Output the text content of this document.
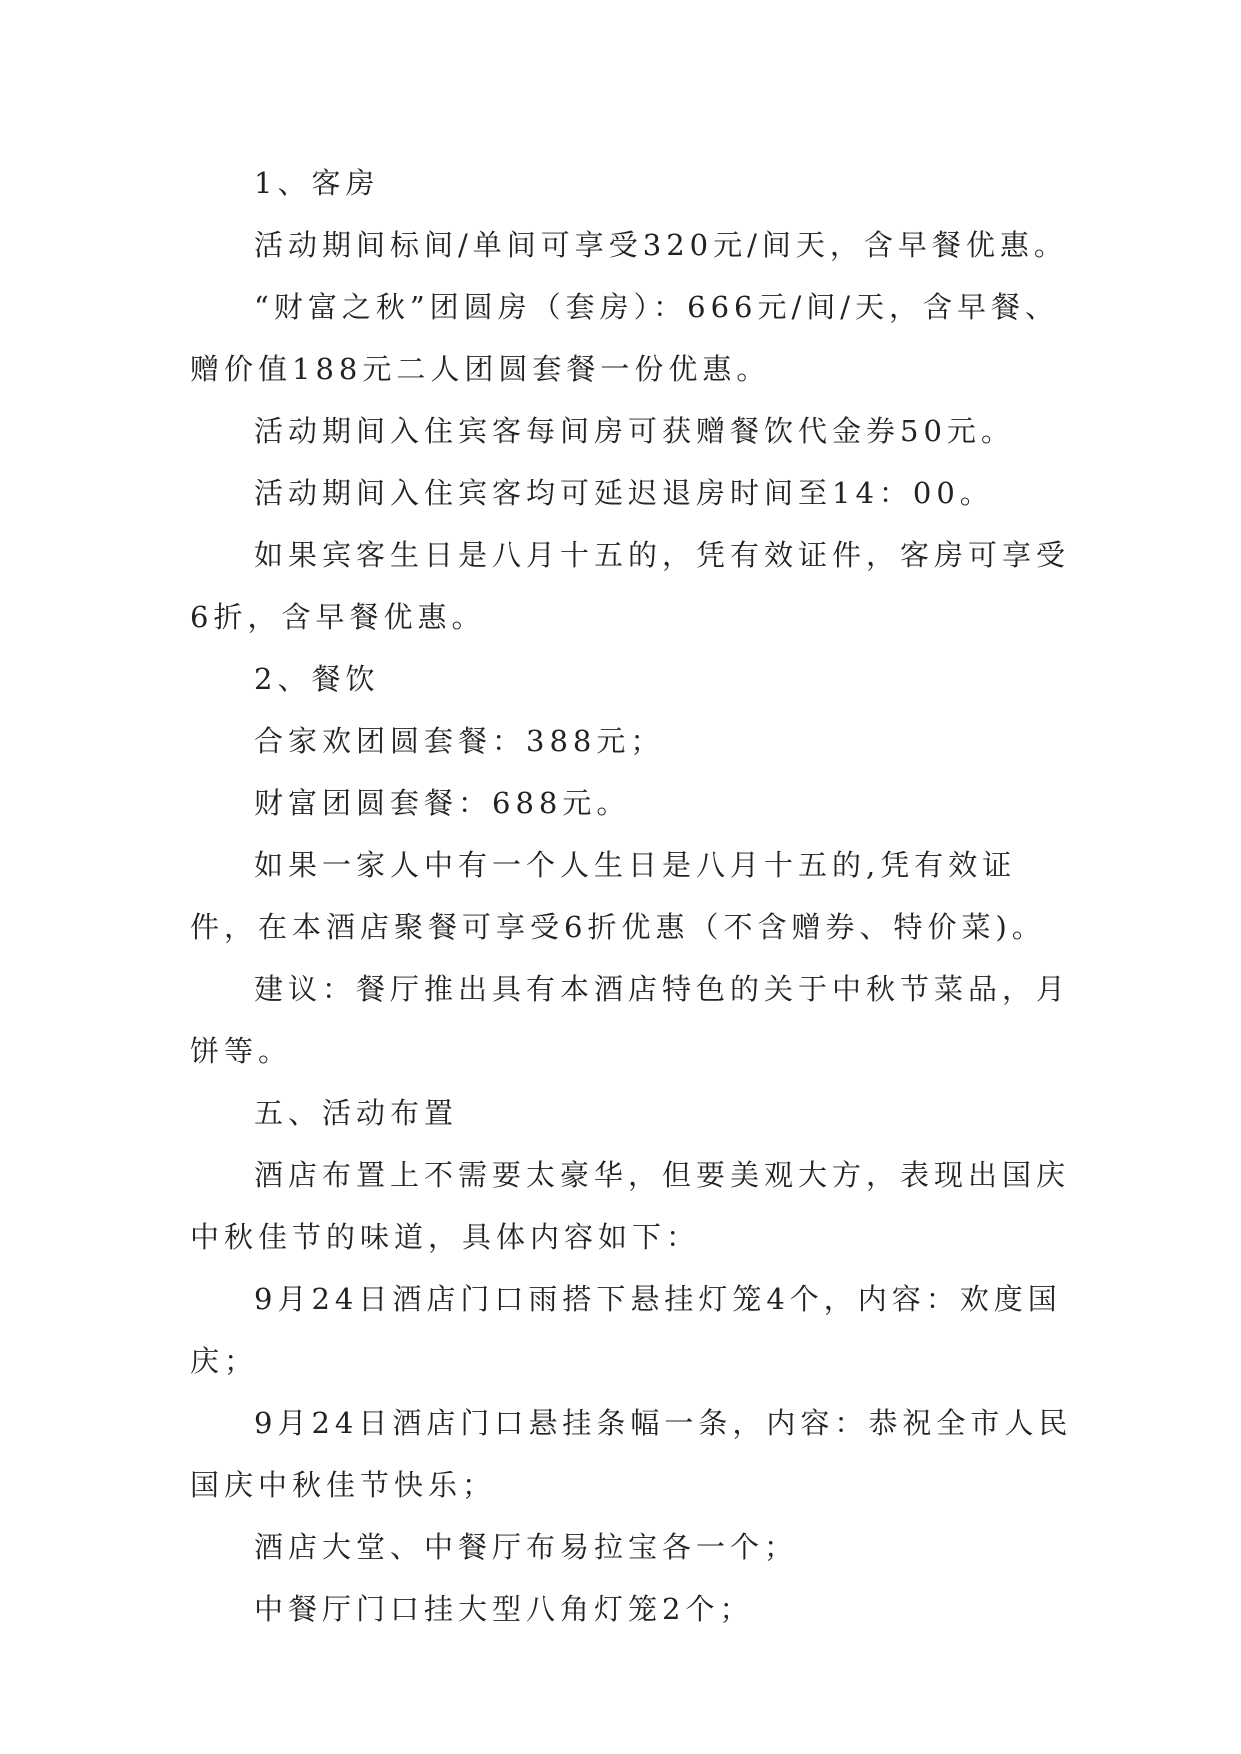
1、客房

活动期间标间/单间可享受320元/间天，含早餐优惠。

“财富之秋”团圆房（套房）：666元/间/天，含早餐、赠价值188元二人团圆套餐一份优惠。

活动期间入住宾客每间房可获赠餐饮代金券50元。

活动期间入住宾客均可延迟退房时间至14：00。

如果宾客生日是八月十五的，凭有效证件，客房可享受6折，含早餐优惠。

2、餐饮

合家欢团圆套餐：388元；

财富团圆套餐：688元。

如果一家人中有一个人生日是八月十五的,凭有效证件，在本酒店聚餐可享受6折优惠（不含赠券、特价菜)。

建议：餐厅推出具有本酒店特色的关于中秋节菜品，月饼等。

五、活动布置

酒店布置上不需要太豪华，但要美观大方，表现出国庆中秋佳节的味道，具体内容如下：

9月24日酒店门口雨搭下悬挂灯笼4个，内容：欢度国庆；

9月24日酒店门口悬挂条幅一条，内容：恭祝全市人民国庆中秋佳节快乐；

酒店大堂、中餐厅布易拉宝各一个；

中餐厅门口挂大型八角灯笼2个；
